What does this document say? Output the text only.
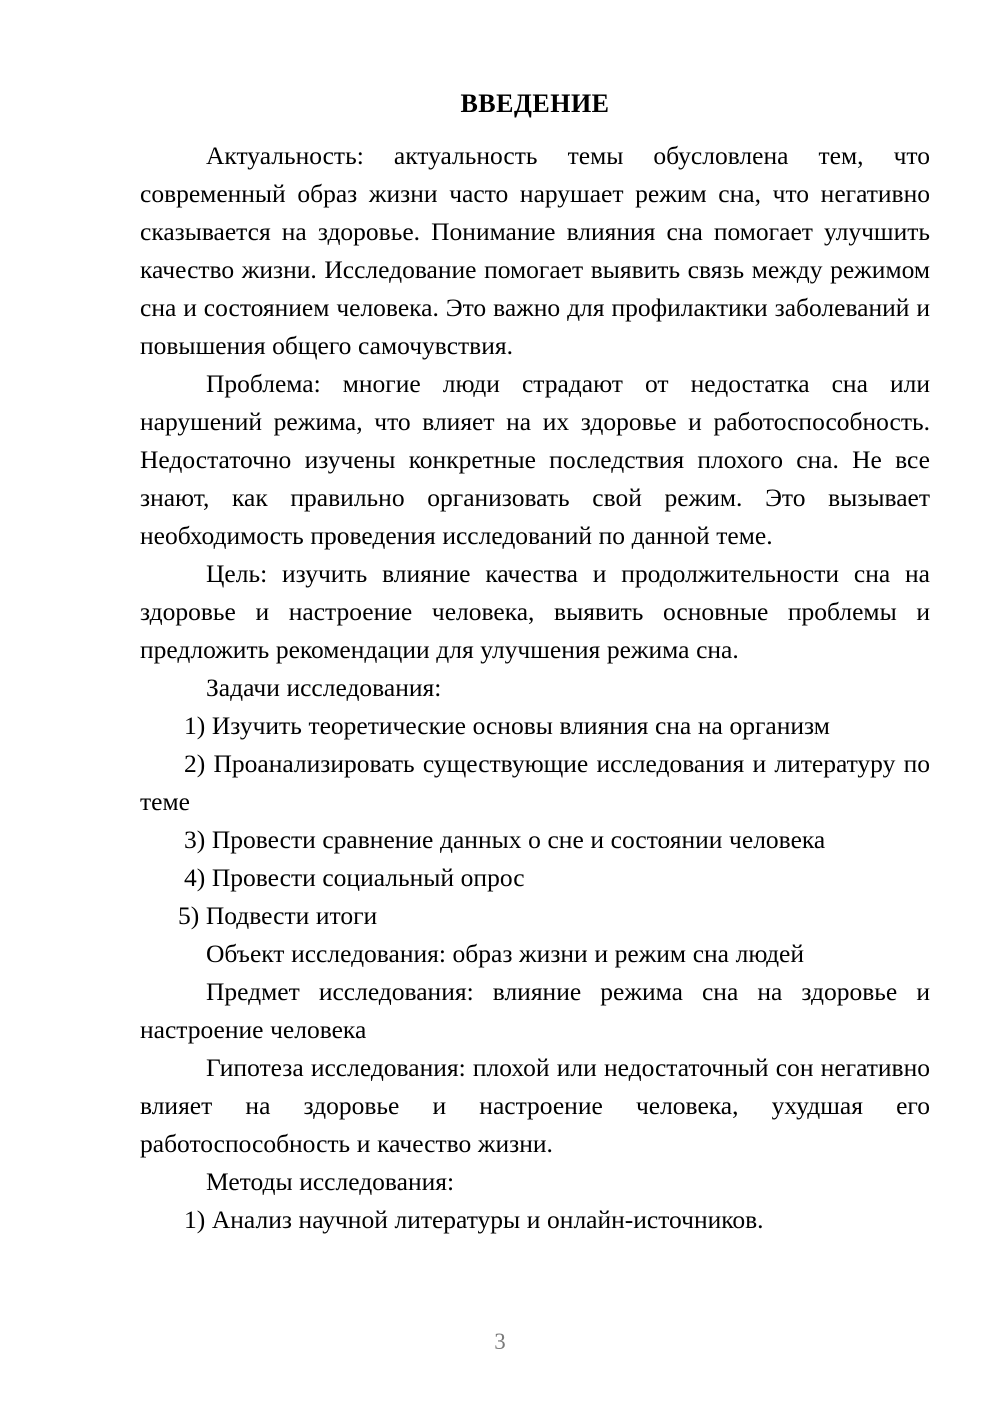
ВВЕДЕНИЕ

Актуальность: актуальность темы обусловлена тем, что современный образ жизни часто нарушает режим сна, что негативно сказывается на здоровье. Понимание влияния сна помогает улучшить качество жизни. Исследование помогает выявить связь между режимом сна и состоянием человека. Это важно для профилактики заболеваний и повышения общего самочувствия.

Проблема: многие люди страдают от недостатка сна или нарушений режима, что влияет на их здоровье и работоспособность. Недостаточно изучены конкретные последствия плохого сна. Не все знают, как правильно организовать свой режим. Это вызывает необходимость проведения исследований по данной теме.

Цель: изучить влияние качества и продолжительности сна на здоровье и настроение человека, выявить основные проблемы и предложить рекомендации для улучшения режима сна.

Задачи исследования:

1) Изучить теоретические основы влияния сна на организм

2) Проанализировать существующие исследования и литературу по теме

3) Провести сравнение данных о сне и состоянии человека

4) Провести социальный опрос

5) Подвести итоги

Объект исследования: образ жизни и режим сна людей

Предмет исследования: влияние режима сна на здоровье и настроение человека

Гипотеза исследования: плохой или недостаточный сон негативно влияет на здоровье и настроение человека, ухудшая его работоспособность и качество жизни.

Методы исследования:

1) Анализ научной литературы и онлайн-источников.

3
